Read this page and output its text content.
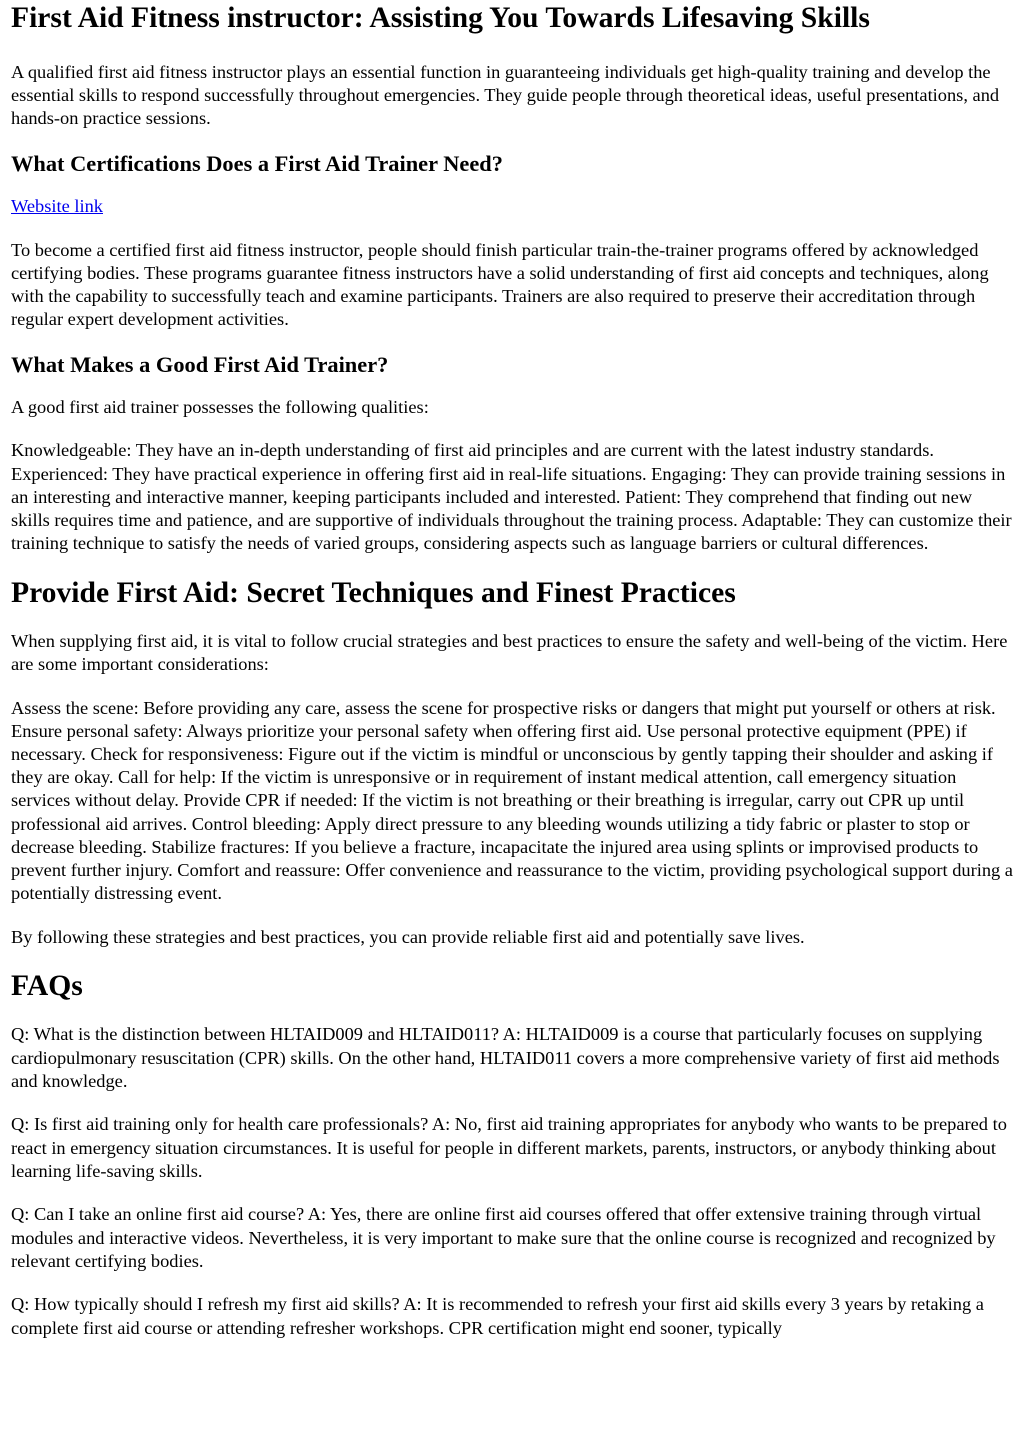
First Aid Fitness instructor: Assisting You Towards Lifesaving Skills

A qualified first aid fitness instructor plays an essential function in guaranteeing individuals get high-quality training and develop the essential skills to respond successfully throughout emergencies. They guide people through theoretical ideas, useful presentations, and hands-on practice sessions.

What Certifications Does a First Aid Trainer Need?

Website link

To become a certified first aid fitness instructor, people should finish particular train-the-trainer programs offered by acknowledged certifying bodies. These programs guarantee fitness instructors have a solid understanding of first aid concepts and techniques, along with the capability to successfully teach and examine participants. Trainers are also required to preserve their accreditation through regular expert development activities.

What Makes a Good First Aid Trainer?

A good first aid trainer possesses the following qualities:

Knowledgeable: They have an in-depth understanding of first aid principles and are current with the latest industry standards. Experienced: They have practical experience in offering first aid in real-life situations. Engaging: They can provide training sessions in an interesting and interactive manner, keeping participants included and interested. Patient: They comprehend that finding out new skills requires time and patience, and are supportive of individuals throughout the training process. Adaptable: They can customize their training technique to satisfy the needs of varied groups, considering aspects such as language barriers or cultural differences.

Provide First Aid: Secret Techniques and Finest Practices

When supplying first aid, it is vital to follow crucial strategies and best practices to ensure the safety and well-being of the victim. Here are some important considerations:

Assess the scene: Before providing any care, assess the scene for prospective risks or dangers that might put yourself or others at risk. Ensure personal safety: Always prioritize your personal safety when offering first aid. Use personal protective equipment (PPE) if necessary. Check for responsiveness: Figure out if the victim is mindful or unconscious by gently tapping their shoulder and asking if they are okay. Call for help: If the victim is unresponsive or in requirement of instant medical attention, call emergency situation services without delay. Provide CPR if needed: If the victim is not breathing or their breathing is irregular, carry out CPR up until professional aid arrives. Control bleeding: Apply direct pressure to any bleeding wounds utilizing a tidy fabric or plaster to stop or decrease bleeding. Stabilize fractures: If you believe a fracture, incapacitate the injured area using splints or improvised products to prevent further injury. Comfort and reassure: Offer convenience and reassurance to the victim, providing psychological support during a potentially distressing event.

By following these strategies and best practices, you can provide reliable first aid and potentially save lives.

FAQs

Q: What is the distinction between HLTAID009 and HLTAID011? A: HLTAID009 is a course that particularly focuses on supplying cardiopulmonary resuscitation (CPR) skills. On the other hand, HLTAID011 covers a more comprehensive variety of first aid methods and knowledge.

Q: Is first aid training only for health care professionals? A: No, first aid training appropriates for anybody who wants to be prepared to react in emergency situation circumstances. It is useful for people in different markets, parents, instructors, or anybody thinking about learning life-saving skills.

Q: Can I take an online first aid course? A: Yes, there are online first aid courses offered that offer extensive training through virtual modules and interactive videos. Nevertheless, it is very important to make sure that the online course is recognized and recognized by relevant certifying bodies.

Q: How typically should I refresh my first aid skills? A: It is recommended to refresh your first aid skills every 3 years by retaking a complete first aid course or attending refresher workshops. CPR certification might end sooner, typically
